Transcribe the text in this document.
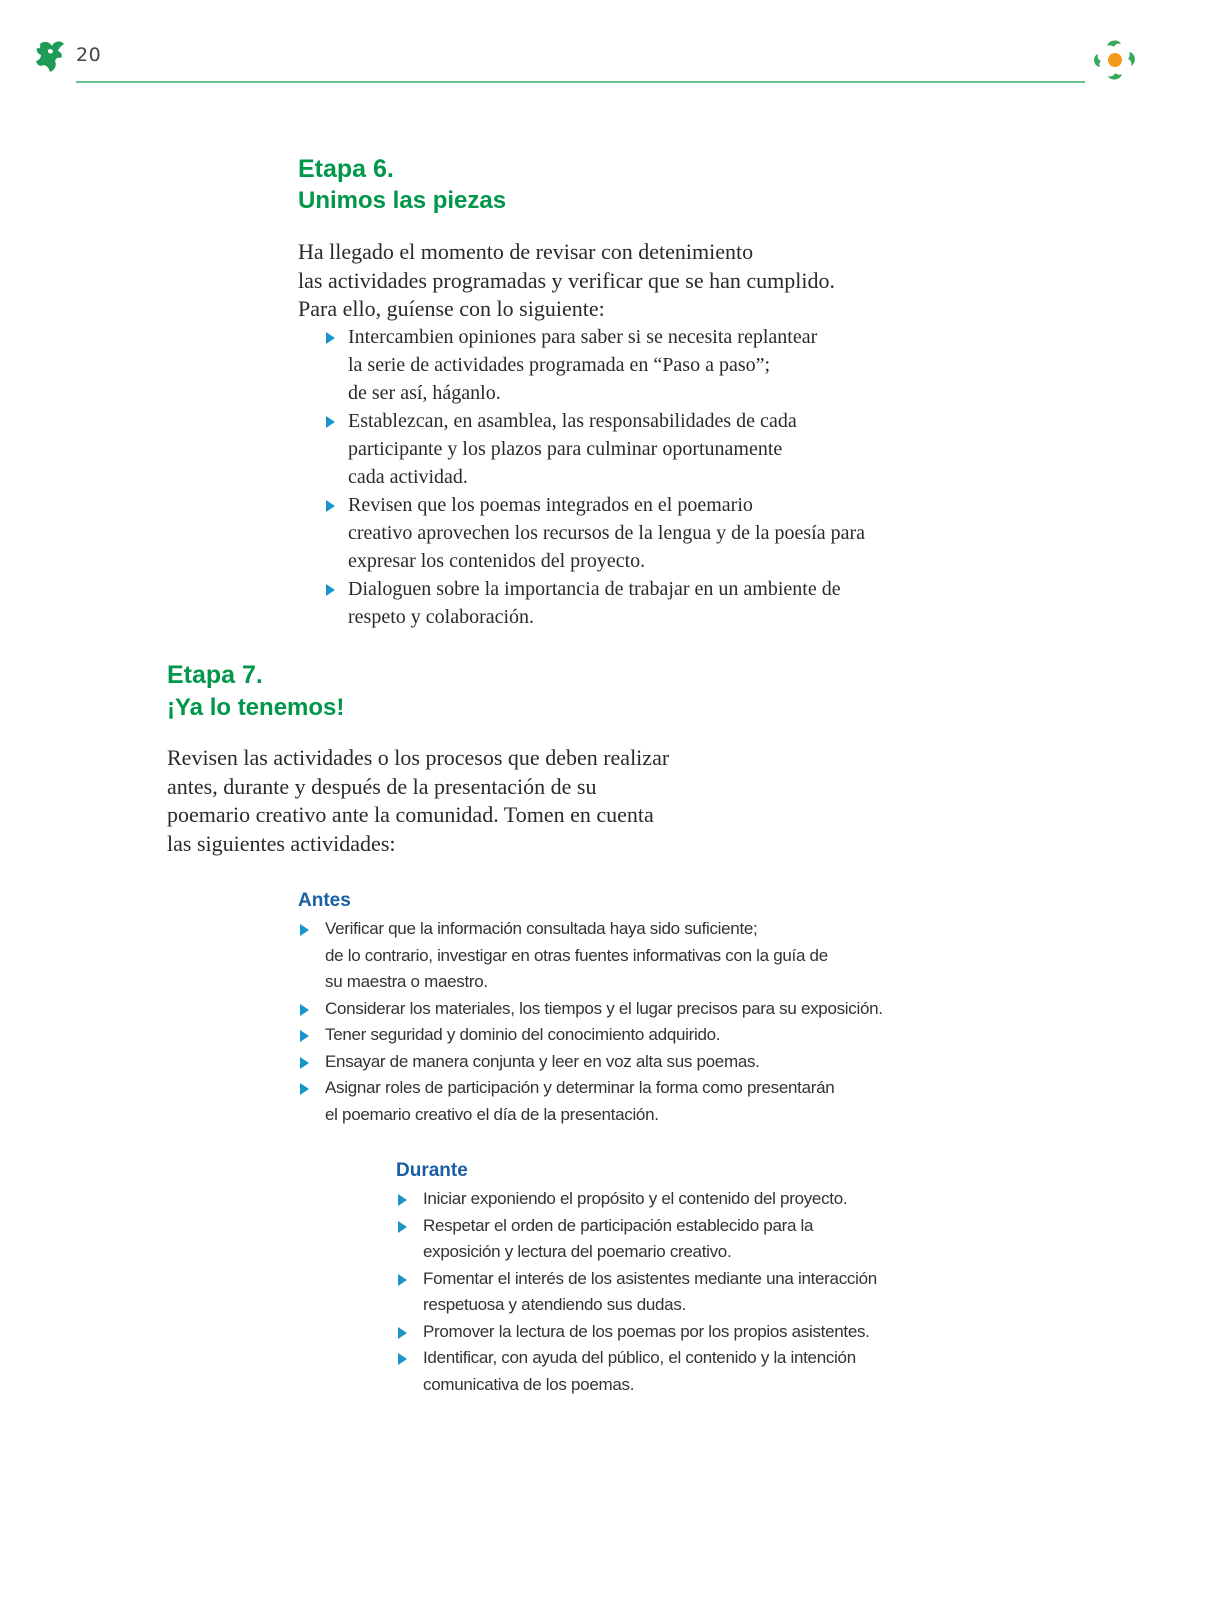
20
Etapa 6.
Unimos las piezas

Ha llegado el momento de revisar con detenimiento
las actividades programadas y verificar que se han cumplido.
Para ello, guíense con lo siguiente:

Intercambien opiniones para saber si se necesita replantear
la serie de actividades programada en “Paso a paso”;
de ser así, háganlo.
Establezcan, en asamblea, las responsabilidades de cada
participante y los plazos para culminar oportunamente
cada actividad.
Revisen que los poemas integrados en el poemario
creativo aprovechen los recursos de la lengua y de la poesía para
expresar los contenidos del proyecto.
Dialoguen sobre la importancia de trabajar en un ambiente de
respeto y colaboración.
Etapa 7.
¡Ya lo tenemos!

Revisen las actividades o los procesos que deben realizar
antes, durante y después de la presentación de su
poemario creativo ante la comunidad. Tomen en cuenta
las siguientes actividades:

Antes
Verificar que la información consultada haya sido suficiente;
de lo contrario, investigar en otras fuentes informativas con la guía de
su maestra o maestro.
Considerar los materiales, los tiempos y el lugar precisos para su exposición.
Tener seguridad y dominio del conocimiento adquirido.
Ensayar de manera conjunta y leer en voz alta sus poemas.
Asignar roles de participación y determinar la forma como presentarán
el poemario creativo el día de la presentación.
Durante
Iniciar exponiendo el propósito y el contenido del proyecto.
Respetar el orden de participación establecido para la
exposición y lectura del poemario creativo.
Fomentar el interés de los asistentes mediante una interacción
respetuosa y atendiendo sus dudas.
Promover la lectura de los poemas por los propios asistentes.
Identificar, con ayuda del público, el contenido y la intención
comunicativa de los poemas.
